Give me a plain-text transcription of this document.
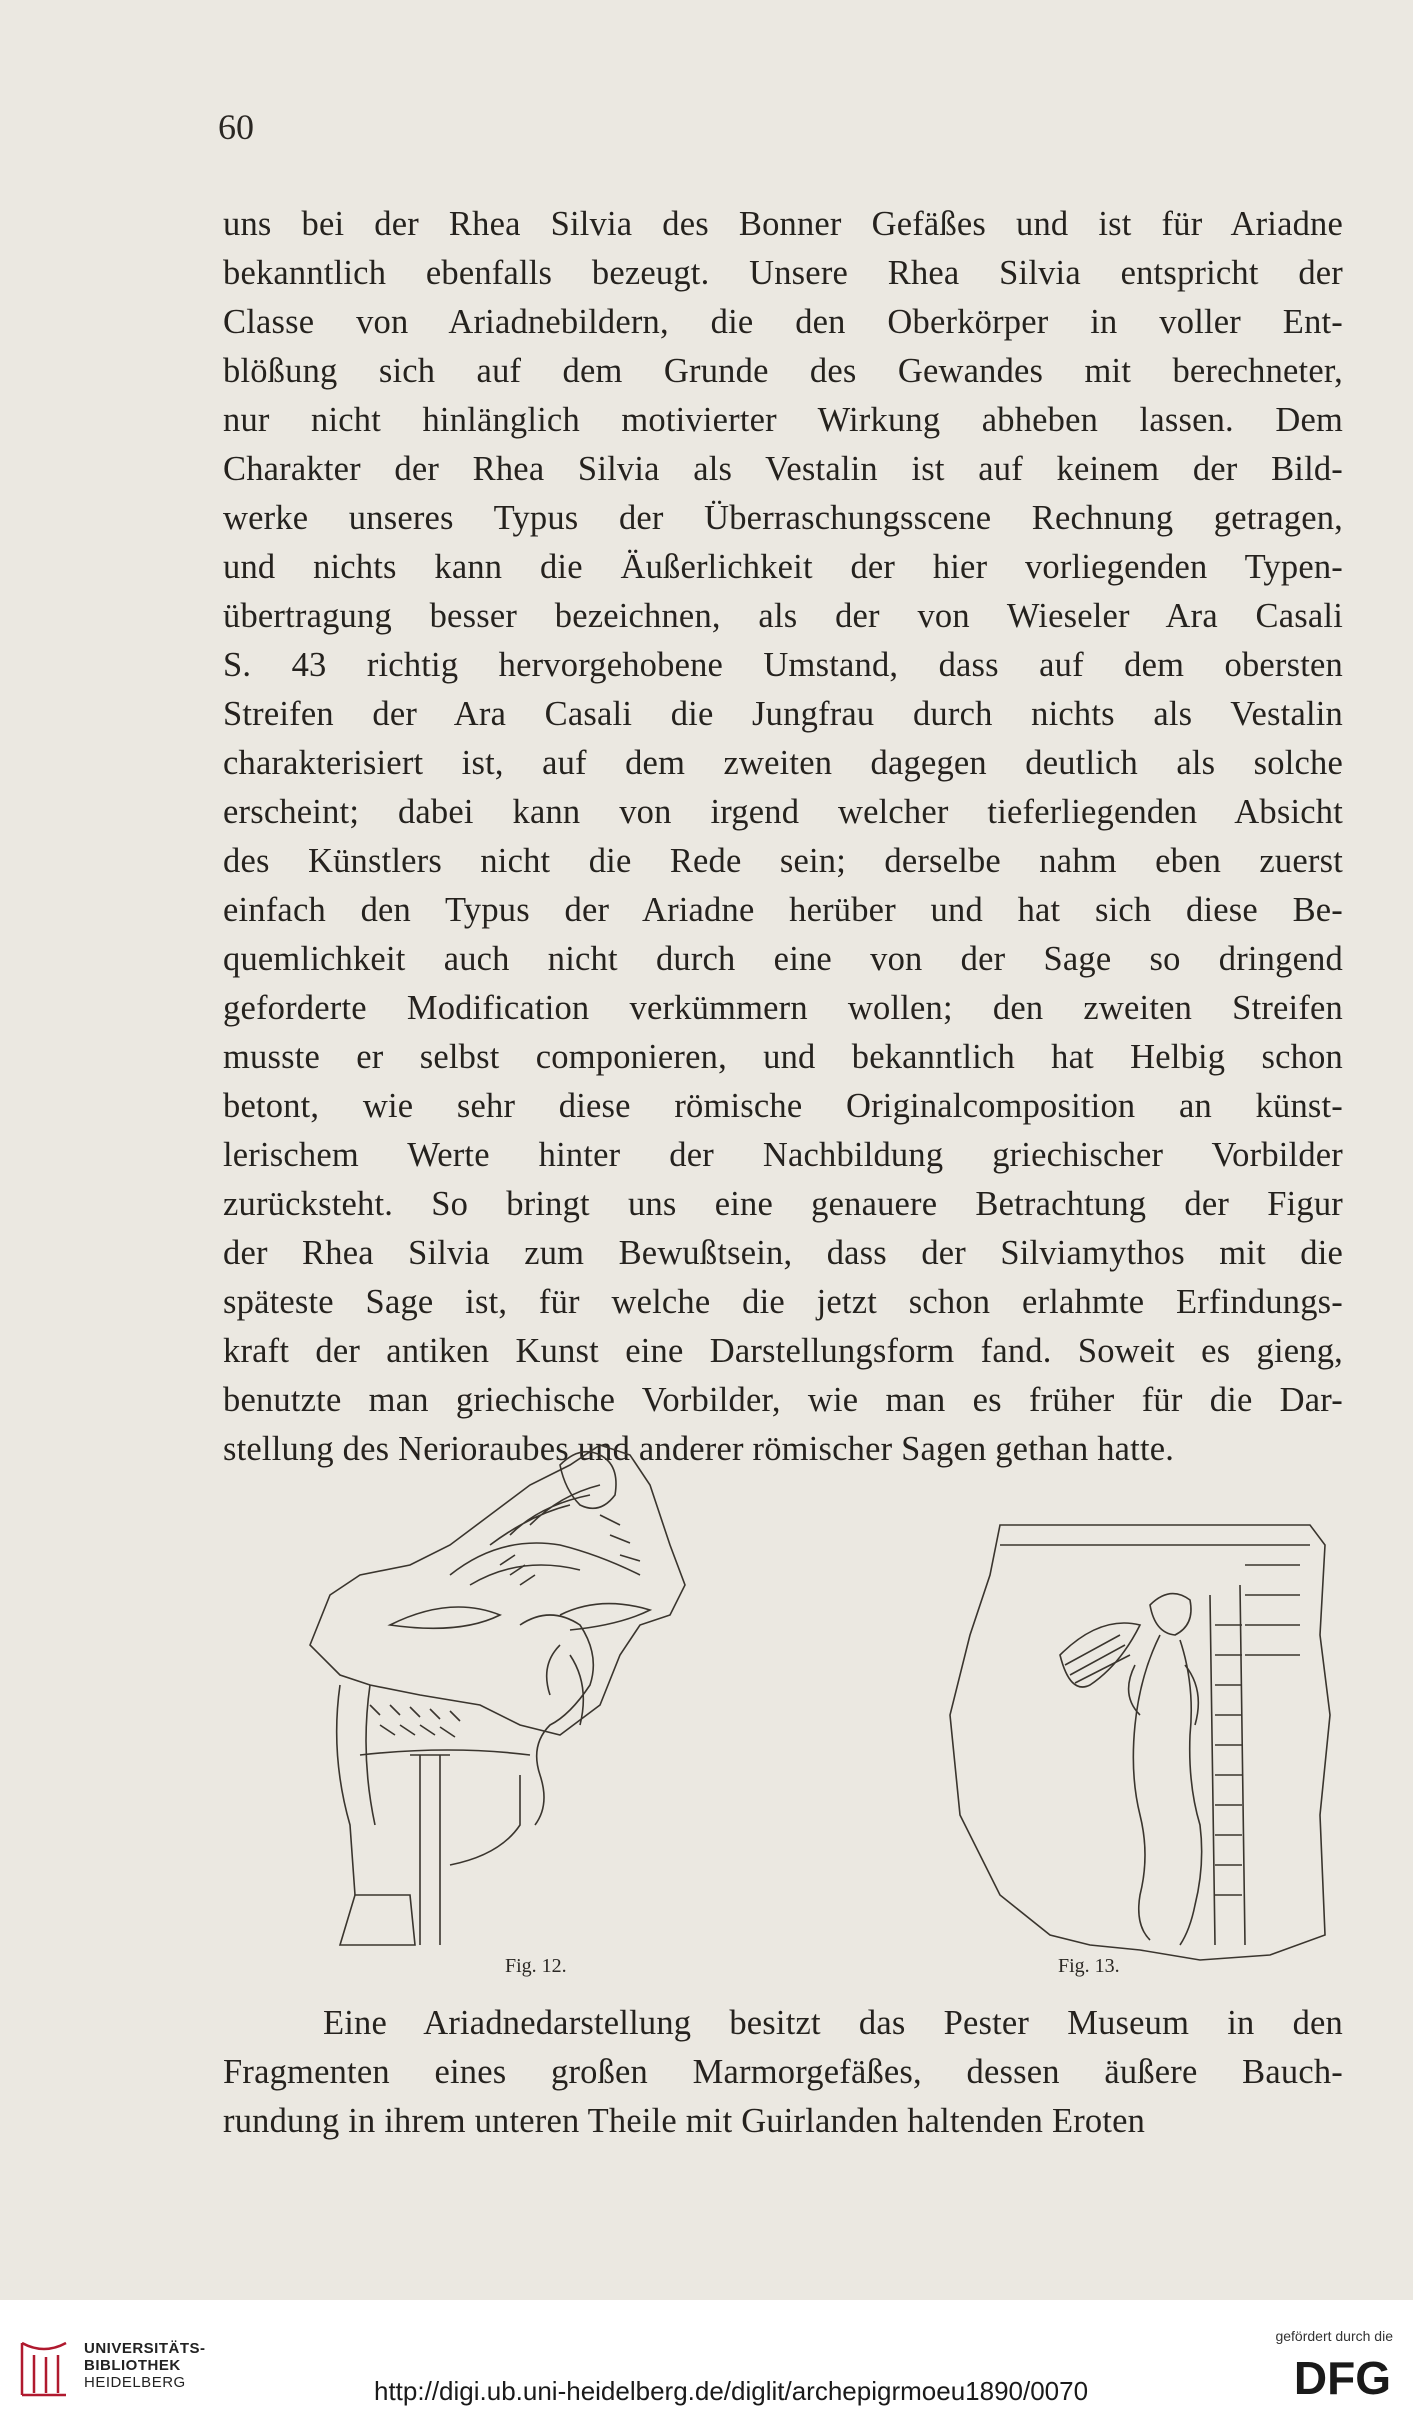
60
uns bei der Rhea Silvia des Bonner Gefäßes und ist für Ariadne
bekanntlich ebenfalls bezeugt. Unsere Rhea Silvia entspricht der
Classe von Ariadnebildern, die den Oberkörper in voller Ent-
blößung sich auf dem Grunde des Gewandes mit berechneter,
nur nicht hinlänglich motivierter Wirkung abheben lassen. Dem
Charakter der Rhea Silvia als Vestalin ist auf keinem der Bild-
werke unseres Typus der Überraschungsscene Rechnung getragen,
und nichts kann die Äußerlichkeit der hier vorliegenden Typen-
übertragung besser bezeichnen, als der von Wieseler Ara Casali
S. 43 richtig hervorgehobene Umstand, dass auf dem obersten
Streifen der Ara Casali die Jungfrau durch nichts als Vestalin
charakterisiert ist, auf dem zweiten dagegen deutlich als solche
erscheint; dabei kann von irgend welcher tieferliegenden Absicht
des Künstlers nicht die Rede sein; derselbe nahm eben zuerst
einfach den Typus der Ariadne herüber und hat sich diese Be-
quemlichkeit auch nicht durch eine von der Sage so dringend
geforderte Modification verkümmern wollen; den zweiten Streifen
musste er selbst componieren, und bekanntlich hat Helbig schon
betont, wie sehr diese römische Originalcomposition an künst-
lerischem Werte hinter der Nachbildung griechischer Vorbilder
zurücksteht. So bringt uns eine genauere Betrachtung der Figur
der Rhea Silvia zum Bewußtsein, dass der Silviamythos mit die
späteste Sage ist, für welche die jetzt schon erlahmte Erfindungs-
kraft der antiken Kunst eine Darstellungsform fand. Soweit es gieng,
benutzte man griechische Vorbilder, wie man es früher für die Dar-
stellung des Nerioraubes und anderer römischer Sagen gethan hatte.
Fig. 12.	Fig. 13.
Eine Ariadnedarstellung besitzt das Pester Museum in den
Fragmenten eines großen Marmorgefäßes, dessen äußere Bauch-
rundung in ihrem unteren Theile mit Guirlanden haltenden Eroten
UNIVERSITÄTS-
BIBLIOTHEK
HEIDELBERG	http://digi.ub.uni-heidelberg.de/diglit/archepigrmoeu1890/0070
gefördert durch die
DFG
